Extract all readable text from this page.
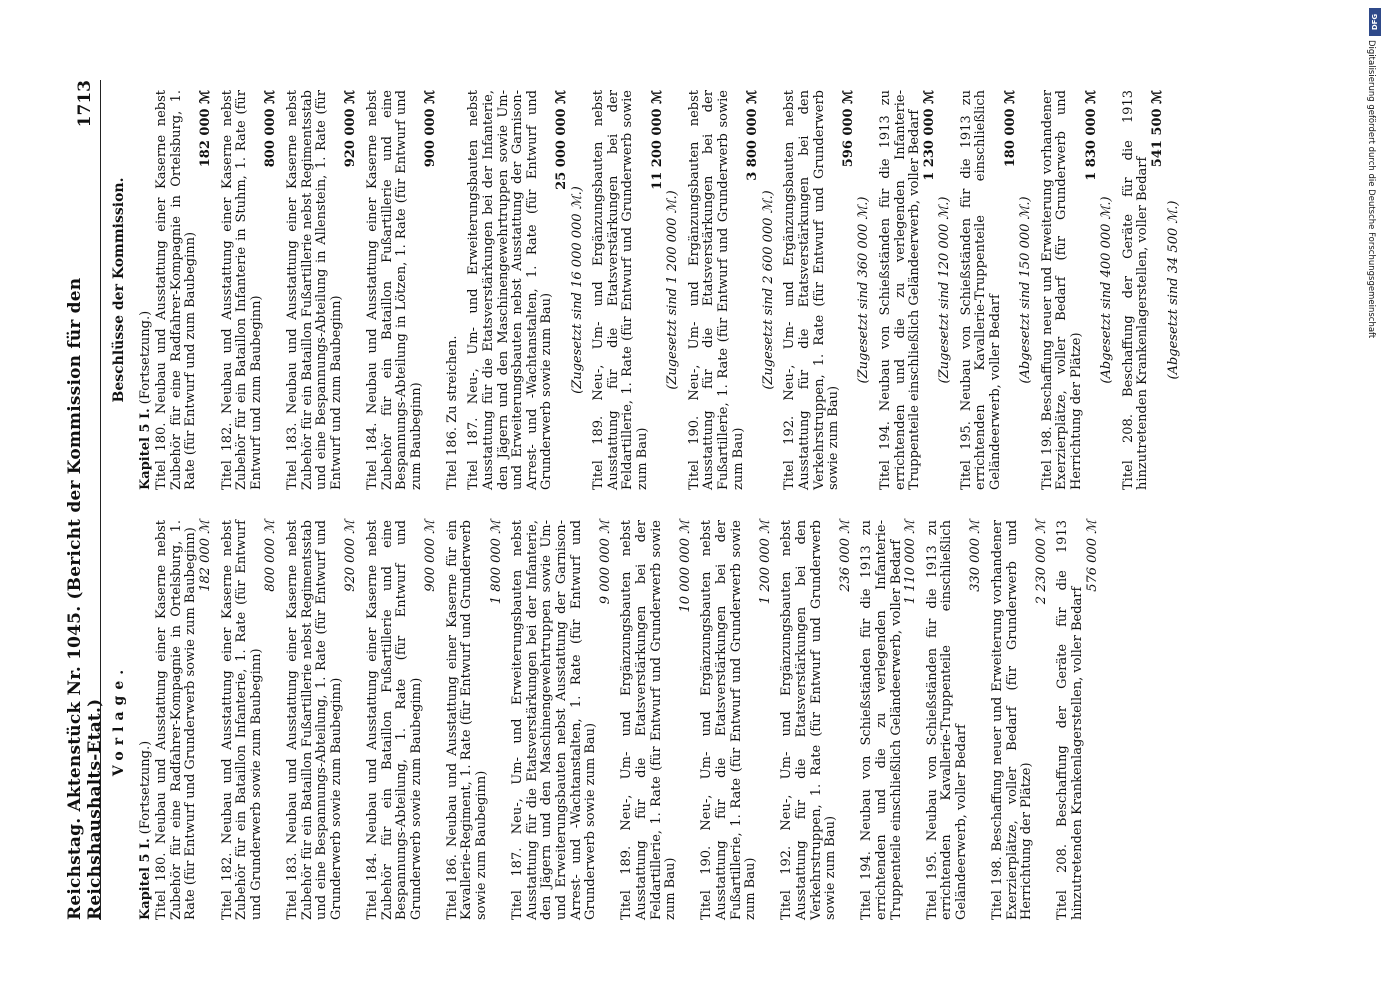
Reichstag. Aktenstück Nr. 1045. (Bericht der Kommission für den Reichshaushalts-Etat.)
1713
Vorlage.
Kapitel 5 I. (Fortsetzung.) Titel 180. Neubau und Ausstattung einer Kaserne nebst Zubehör für eine Radfahrer-Kompagnie in Ortelsburg, 1. Rate (für Entwurf und Grunderwerb sowie zum Baubeginn) 182 000 ℳ Titel 182. Neubau und Ausstattung einer Kaserne nebst Zubehör für ein Bataillon Infanterie, 1. Rate (für Entwurf und Grunderwerb sowie zum Baubeginn)
800 000 ℳ Titel 183. Neubau und Ausstattung einer Kaserne nebst Zubehör für ein Bataillon Fußartillerie nebst Regimentsstab und eine Bespannungs-Abteilung, 1. Rate (für Entwurf und Grunderwerb sowie zum Baubeginn)
920 000 ℳ Titel 184. Neubau und Ausstattung einer Kaserne nebst Zubehör für ein Bataillon Fußartillerie und eine Bespannungs-Abteilung, 1. Rate (für Entwurf und Grunderwerb sowie zum Baubeginn)
900 000 ℳ Titel 186. Neubau und Ausstattung einer Kaserne für ein Kavallerie-Regiment, 1. Rate (für Entwurf und Grunderwerb sowie zum Baubeginn)
1 800 000 ℳ Titel 187. Neu-, Um- und Erweiterungsbauten nebst Ausstattung für die Etatsverstärkungen bei der Infanterie, den Jägern und den Maschinengewehrtruppen sowie Um- und Erweiterungsbauten nebst Ausstattung der Garnison-Arrest- und -Wachtanstalten, 1. Rate (für Entwurf und Grunderwerb sowie zum Bau)
9 000 000 ℳ Titel 189. Neu-, Um- und Ergänzungsbauten nebst Ausstattung für die Etatsverstärkungen bei der Feldartillerie, 1. Rate (für Entwurf und Grunderwerb sowie zum Bau)
10 000 000 ℳ Titel 190. Neu-, Um- und Ergänzungsbauten nebst Ausstattung für die Etatsverstärkungen bei der Fußartillerie, 1. Rate (für Entwurf und Grunderwerb sowie zum Bau)
1 200 000 ℳ Titel 192. Neu-, Um- und Ergänzungsbauten nebst Ausstattung für die Etatsverstärkungen bei den Verkehrstruppen, 1. Rate (für Entwurf und Grunderwerb sowie zum Bau)
236 000 ℳ Titel 194. Neubau von Schießständen für die 1913 zu errichtenden und die zu verlegenden Infanterie-Truppenteile einschließlich Geländeerwerb, voller Bedarf 1 110 000 ℳ Titel 195. Neubau von Schießständen für die 1913 zu errichtenden Kavallerie-Truppenteile einschließlich Geländeerwerb, voller Bedarf
330 000 ℳ Titel 198. Beschaffung neuer und Erweiterung vorhandener Exerzierplätze, voller Bedarf (für Grunderwerb und Herrichtung der Plätze)
2 230 000 ℳ Titel 208. Beschaffung der Geräte für die 1913 hinzutretenden Krankenlagerstellen, voller Bedarf
576 000 ℳ
Beschlüsse der Kommission.
Kapitel 5 I. (Fortsetzung.) Titel 180. Neubau und Ausstattung einer Kaserne nebst Zubehör für eine Radfahrer-Kompagnie in Ortelsburg, 1. Rate (für Entwurf und zum Baubeginn)
182 000 ℳ Titel 182. Neubau und Ausstattung einer Kaserne nebst Zubehör für ein Bataillon Infanterie in Stuhm, 1. Rate (für Entwurf und zum Baubeginn)
800 000 ℳ Titel 183. Neubau und Ausstattung einer Kaserne nebst Zubehör für ein Bataillon Fußartillerie nebst Regimentsstab und eine Bespannungs-Abteilung in Allenstein, 1. Rate (für Entwurf und zum Baubeginn)
920 000 ℳ Titel 184. Neubau und Ausstattung einer Kaserne nebst Zubehör für ein Bataillon Fußartillerie und eine Bespannungs-Abteilung in Lötzen, 1. Rate (für Entwurf und zum Baubeginn)
900 000 ℳ
Titel 186. Zu streichen. Titel 187. Neu-, Um- und Erweiterungsbauten nebst Ausstattung für die Etatsverstärkungen bei der Infanterie, den Jägern und den Maschinengewehrtruppen sowie Um- und Erweiterungsbauten nebst Ausstattung der Garnison-Arrest- und -Wachtanstalten, 1. Rate (für Entwurf und Grunderwerb sowie zum Bau)
25 000 000 ℳ
(Zugesetzt sind 16 000 000 ℳ.) Titel 189. Neu-, Um- und Ergänzungsbauten nebst Ausstattung für die Etatsverstärkungen bei der Feldartillerie, 1. Rate (für Entwurf und Grunderwerb sowie zum Bau)
11 200 000 ℳ
(Zugesetzt sind 1 200 000 ℳ.) Titel 190. Neu-, Um- und Ergänzungsbauten nebst Ausstattung für die Etatsverstärkungen bei der Fußartillerie, 1. Rate (für Entwurf und Grunderwerb sowie zum Bau)
3 800 000 ℳ
(Zugesetzt sind 2 600 000 ℳ.) Titel 192. Neu-, Um- und Ergänzungsbauten nebst Ausstattung für die Etatsverstärkungen bei den Verkehrstruppen, 1. Rate (für Entwurf und Grunderwerb sowie zum Bau)
596 000 ℳ
(Zugesetzt sind 360 000 ℳ.) Titel 194. Neubau von Schießständen für die 1913 zu errichtenden und die zu verlegenden Infanterie-Truppenteile einschließlich Geländeerwerb, voller Bedarf 1 230 000 ℳ
(Zugesetzt sind 120 000 ℳ.) Titel 195. Neubau von Schießständen für die 1913 zu errichtenden Kavallerie-Truppenteile einschließlich Geländeerwerb, voller Bedarf
180 000 ℳ
(Abgesetzt sind 150 000 ℳ.) Titel 198. Beschaffung neuer und Erweiterung vorhandener Exerzierplätze, voller Bedarf (für Grunderwerb und Herrichtung der Plätze)
1 830 000 ℳ
(Abgesetzt sind 400 000 ℳ.) Titel 208. Beschaffung der Geräte für die 1913 hinzutretenden Krankenlagerstellen, voller Bedarf
541 500 ℳ
(Abgesetzt sind 34 500 ℳ.)
DFG
Digitalisierung gefördert durch die Deutsche Forschungsgemeinschaft
